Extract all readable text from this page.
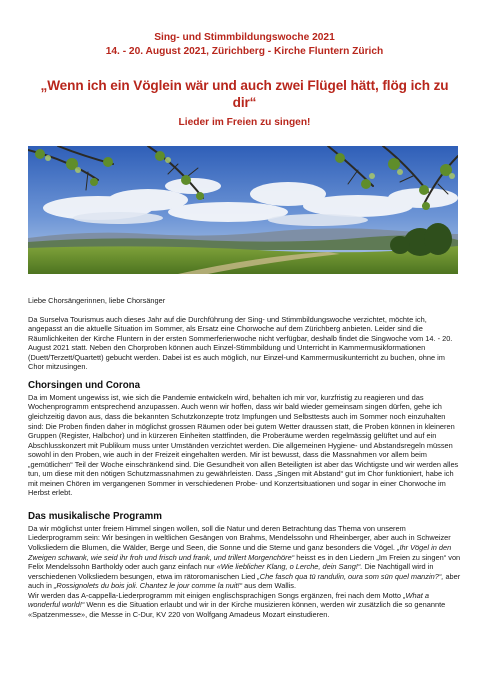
Sing- und Stimmbildungswoche 2021
14. - 20. August 2021, Zürichberg - Kirche Fluntern Zürich
„Wenn ich ein Vöglein wär und auch zwei Flügel hätt, flög ich zu dir“
Lieder im Freien zu singen!
Liebe Chorsängerinnen, liebe Chorsänger

Da Surselva Tourismus auch dieses Jahr auf die Durchführung der Sing- und Stimmbildungswoche verzichtet, möchte ich, angepasst an die aktuelle Situation im Sommer, als Ersatz eine Chorwoche auf dem Zürichberg anbieten. Leider sind die Räumlichkeiten der Kirche Fluntern in der ersten Sommerferienwoche nicht verfügbar, deshalb findet die Singwoche vom 14. - 20. August 2021 statt. Neben den Chorproben können auch Einzel-Stimmbildung und Unterricht in Kammermusikformationen (Duett/Terzett/Quartett) gebucht werden. Dabei ist es auch möglich, nur Einzel-und Kammermusikunterricht zu buchen, ohne im Chor mitzusingen.

Chorsingen und Corona

Da im Moment ungewiss ist, wie sich die Pandemie entwickeln wird, behalten ich mir vor, kurzfristig zu reagieren und das Wochenprogramm entsprechend anzupassen. Auch wenn wir hoffen, dass wir bald wieder gemeinsam singen dürfen, gehe ich gleichzeitig davon aus, dass die bekannten Schutzkonzepte trotz Impfungen und Selbsttests auch im Sommer noch einzuhalten sind: Die Proben finden daher in möglichst grossen Räumen oder bei gutem Wetter draussen statt, die Proben können in kleineren Gruppen (Register, Halbchor) und in kürzeren Einheiten stattfinden, die Proberäume werden regelmässig gelüftet und auf ein Abschlusskonzert mit Publikum muss unter Umständen verzichtet werden. Die allgemeinen Hygiene- und Abstandsregeln müssen sowohl in den Proben, wie auch in der Freizeit eingehalten werden. Mir ist bewusst, dass die Massnahmen vor allem beim „gemütlichen“ Teil der Woche einschränkend sind. Die Gesundheit von allen Beteiligten ist aber das Wichtigste und wir werden alles tun, um diese mit den nötigen Schutzmassnahmen zu gewährleisten. Dass „Singen mit Abstand“ gut im Chor funktioniert, habe ich mit meinen Chören im vergangenen Sommer in verschiedenen Probe- und Konzertsituationen und sogar in einer Chorwoche im Herbst erlebt.

Das musikalische Programm

Da wir möglichst unter freiem Himmel singen wollen, soll die Natur und deren Betrachtung das Thema von unserem Liederprogramm sein: Wir besingen in weltlichen Gesängen von Brahms, Mendelssohn und Rheinberger, aber auch in Schweizer Volksliedern die Blumen, die Wälder, Berge und Seen, die Sonne und die Sterne und ganz besonders die Vögel. „Ihr Vögel in den Zweigen schwank, wie seid ihr froh und frisch und frank, und trillert Morgenchöre“ heisst es in den Liedern „Im Freien zu singen“ von Felix Mendelssohn Bartholdy oder auch ganz einfach nur «Wie lieblicher Klang, o Lerche, dein Sang!“. Die Nachtigall wird in verschiedenen Volksliedern besungen, etwa im rätoromanischen Lied „Che fasch qua tü randulin, oura som sün quel manzin?“, aber auch in „Rossignolets du bois joli. Chantez le jour comme la nuit!“ aus dem Wallis.
Wir werden das A-cappella-Liederprogramm mit einigen englischsprachigen Songs ergänzen, frei nach dem Motto „What a wonderful world!“ Wenn es die Situation erlaubt und wir in der Kirche musizieren können, werden wir zusätzlich die so genannte «Spatzenmesse», die Messe in C-Dur, KV 220 von Wolfgang Amadeus Mozart einstudieren.
